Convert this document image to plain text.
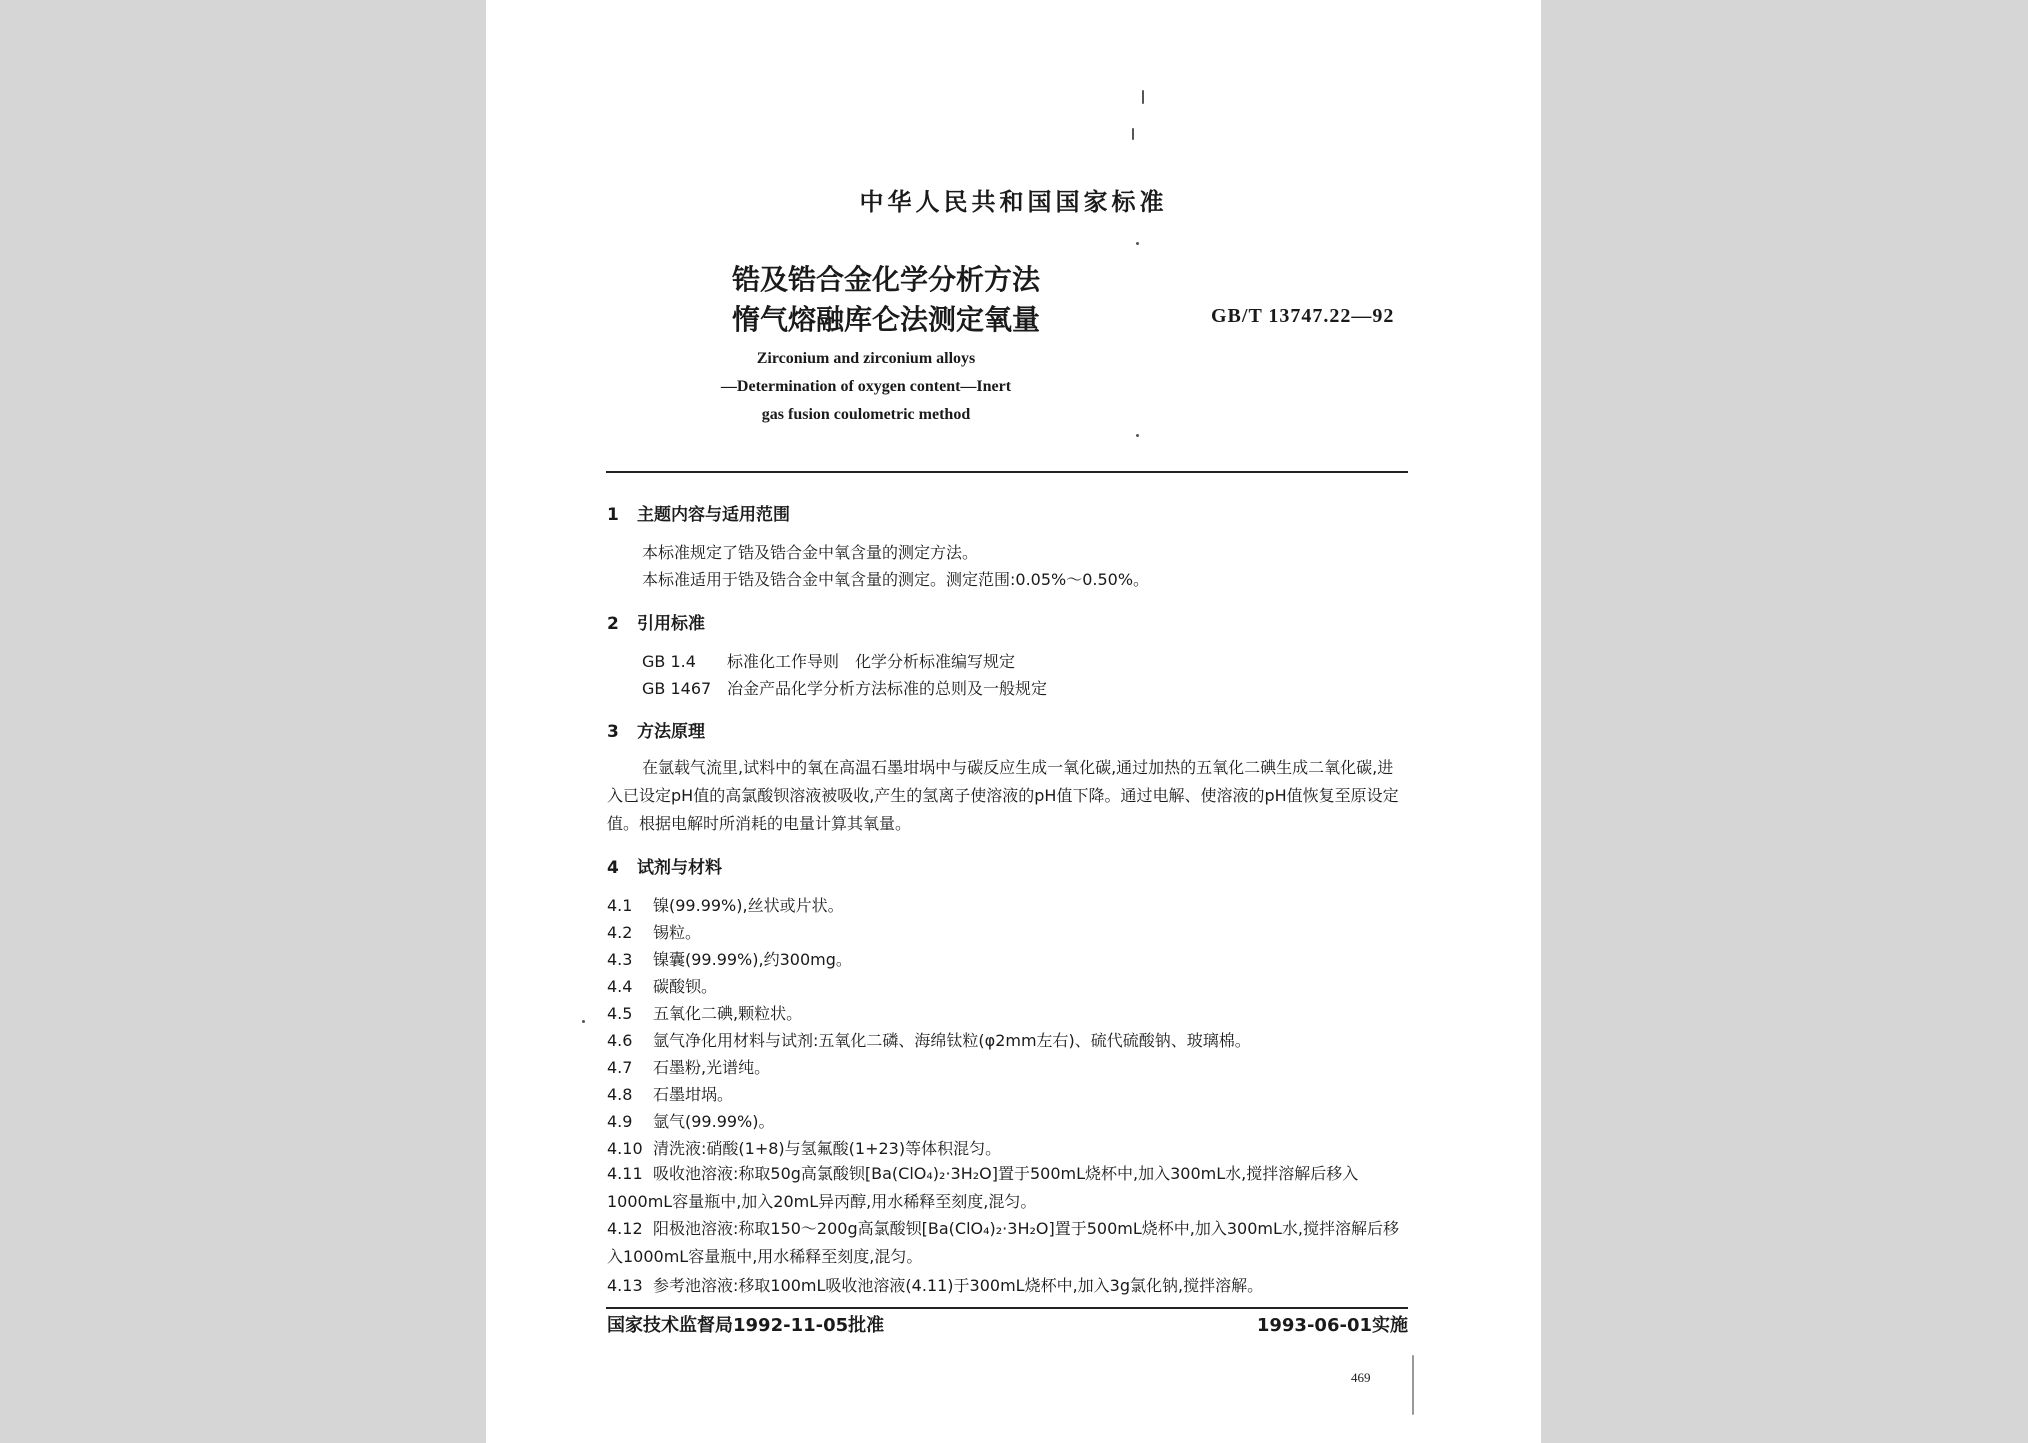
中华人民共和国国家标准
锆及锆合金化学分析方法
惰气熔融库仑法测定氧量	GB/T 13747.22—92
Zirconium and zirconium alloys
—Determination of oxygen content—Inert
gas fusion coulometric method
1 主题内容与适用范围
本标准规定了锆及锆合金中氧含量的测定方法。
本标准适用于锆及锆合金中氧含量的测定。测定范围:0.05%～0.50%。
2 引用标准
GB 1.4 标准化工作导则　化学分析标准编写规定
GB 1467 冶金产品化学分析方法标准的总则及一般规定
3 方法原理
在氩载气流里,试料中的氧在高温石墨坩埚中与碳反应生成一氧化碳,通过加热的五氧化二碘生成二氧化碳,进入已设定pH值的高氯酸钡溶液被吸收,产生的氢离子使溶液的pH值下降。通过电解、使溶液的pH值恢复至原设定值。根据电解时所消耗的电量计算其氧量。
4 试剂与材料
4.1 镍(99.99%),丝状或片状。
4.2 锡粒。
4.3 镍囊(99.99%),约300mg。
4.4 碳酸钡。
4.5 五氧化二碘,颗粒状。
4.6 氩气净化用材料与试剂:五氧化二磷、海绵钛粒(φ2mm左右)、硫代硫酸钠、玻璃棉。
4.7 石墨粉,光谱纯。
4.8 石墨坩埚。
4.9 氩气(99.99%)。
4.10 清洗液:硝酸(1+8)与氢氟酸(1+23)等体积混匀。
4.11 吸收池溶液:称取50g高氯酸钡[Ba(ClO₄)₂·3H₂O]置于500mL烧杯中,加入300mL水,搅拌溶解后移入1000mL容量瓶中,加入20mL异丙醇,用水稀释至刻度,混匀。
4.12 阳极池溶液:称取150～200g高氯酸钡[Ba(ClO₄)₂·3H₂O]置于500mL烧杯中,加入300mL水,搅拌溶解后移入1000mL容量瓶中,用水稀释至刻度,混匀。
4.13 参考池溶液:移取100mL吸收池溶液(4.11)于300mL烧杯中,加入3g氯化钠,搅拌溶解。
国家技术监督局1992-11-05批准	1993-06-01实施
469
